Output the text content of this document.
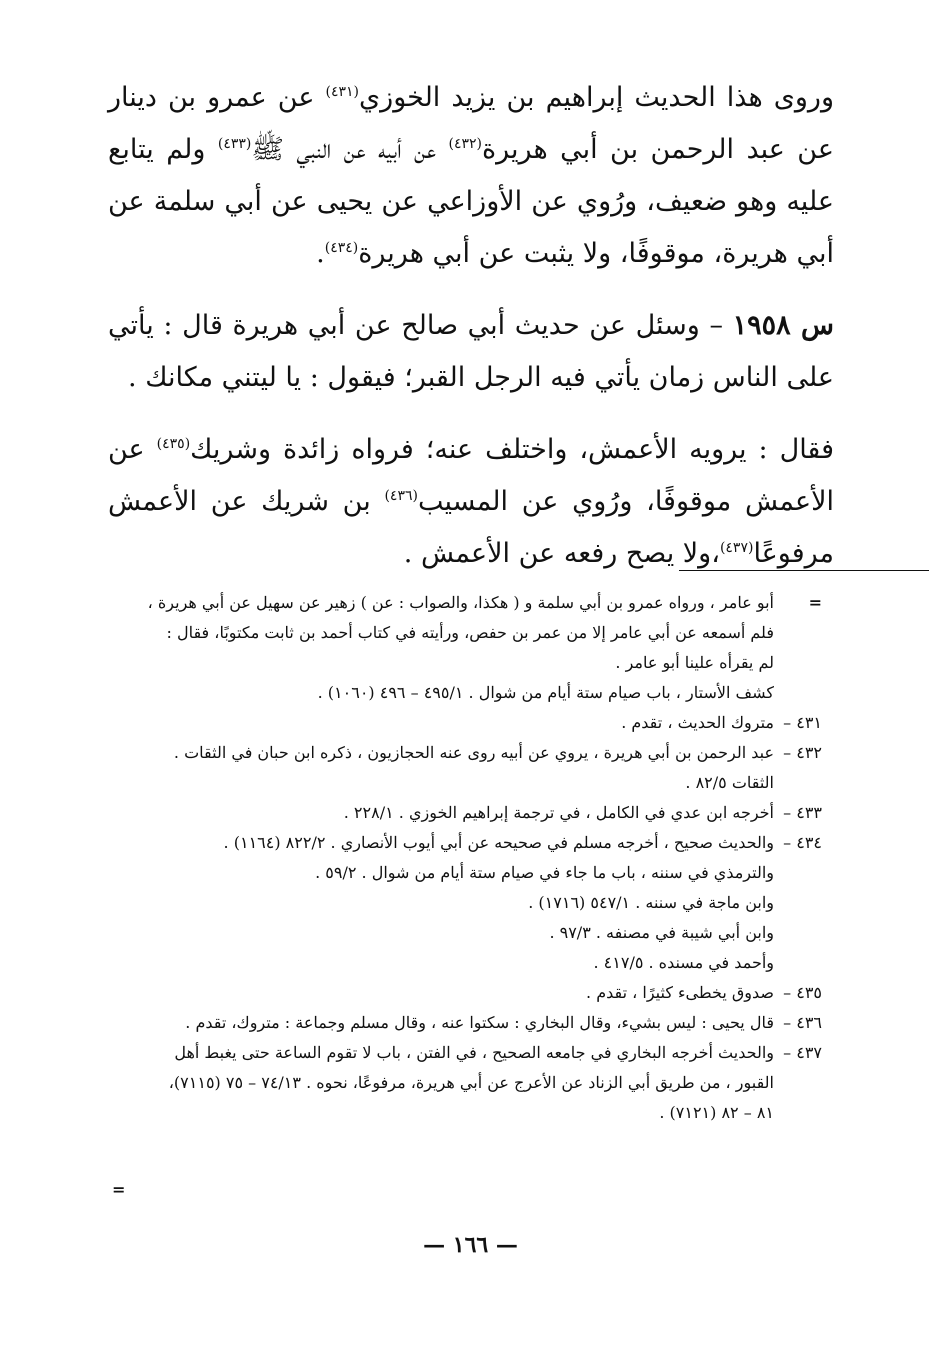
وروى هذا الحديث إبراهيم بن يزيد الخوزي$^{(٤٣١)}$ عن عمرو بن دينار عن عبد الرحمن بن أبي هريرة$^{(٤٣٢)}$ عن أبيه عن النبي ﷺ$^{(٤٣٣)}$ ولم يتابع عليه وهو ضعيف، ورُوي عن الأوزاعي عن يحيى عن أبي سلمة عن أبي هريرة، موقوفًا، ولا يثبت عن أبي هريرة$^{(٤٣٤)}$.

س ١٩٥٨ – وسئل عن حديث أبي صالح عن أبي هريرة قال : يأتي على الناس زمان يأتي فيه الرجل القبر؛ فيقول : يا ليتني مكانك .

فقال : يرويه الأعمش، واختلف عنه؛ فرواه زائدة وشريك$^{(٤٣٥)}$ عن الأعمش موقوفًا، ورُوي عن المسيب$^{(٤٣٦)}$ بن شريك عن الأعمش مرفوعًا$^{(٤٣٧)}$،ولا يصح رفعه عن الأعمش .

=
أبو عامر ، ورواه عمرو بن أبي سلمة و ( هكذا، والصواب : عن ) زهير عن سهيل عن أبي هريرة ،
فلم أسمعه عن أبي عامر إلا من عمر بن حفص، ورأيته في كتاب أحمد بن ثابت مكتوبًا، فقال :
لم يقرأه علينا أبو عامر .
كشف الأستار ، باب صيام ستة أيام من شوال . ٤٩٥/١ – ٤٩٦ (١٠٦٠) .
٤٣١ –
متروك الحديث ، تقدم .
٤٣٢ –
عبد الرحمن بن أبي هريرة ، يروي عن أبيه روى عنه الحجازيون ، ذكره ابن حبان في الثقات .
الثقات ٨٢/٥ .
٤٣٣ –
أخرجه ابن عدي في الكامل ، في ترجمة إبراهيم الخوزي . ٢٢٨/١ .
٤٣٤ –
والحديث صحيح ، أخرجه مسلم في صحيحه عن أبي أيوب الأنصاري . ٨٢٢/٢ (١١٦٤) .
والترمذي في سننه ، باب ما جاء في صيام ستة أيام من شوال . ٥٩/٢ .
وابن ماجة في سننه . ٥٤٧/١ (١٧١٦) .
وابن أبي شيبة في مصنفه . ٩٧/٣ .
وأحمد في مسنده . ٤١٧/٥ .
٤٣٥ –
صدوق يخطىء كثيرًا ، تقدم .
٤٣٦ –
قال يحيى : ليس بشيء، وقال البخاري : سكتوا عنه ، وقال مسلم وجماعة : متروك، تقدم .
٤٣٧ –
والحديث أخرجه البخاري في جامعه الصحيح ، في الفتن ، باب لا تقوم الساعة حتى يغبط أهل
القبور ، من طريق أبي الزناد عن الأعرج عن أبي هريرة، مرفوعًا، نحوه . ٧٤/١٣ – ٧٥ (٧١١٥)،
٨١ – ٨٢ (٧١٢١) .
=
— ١٦٦ —
